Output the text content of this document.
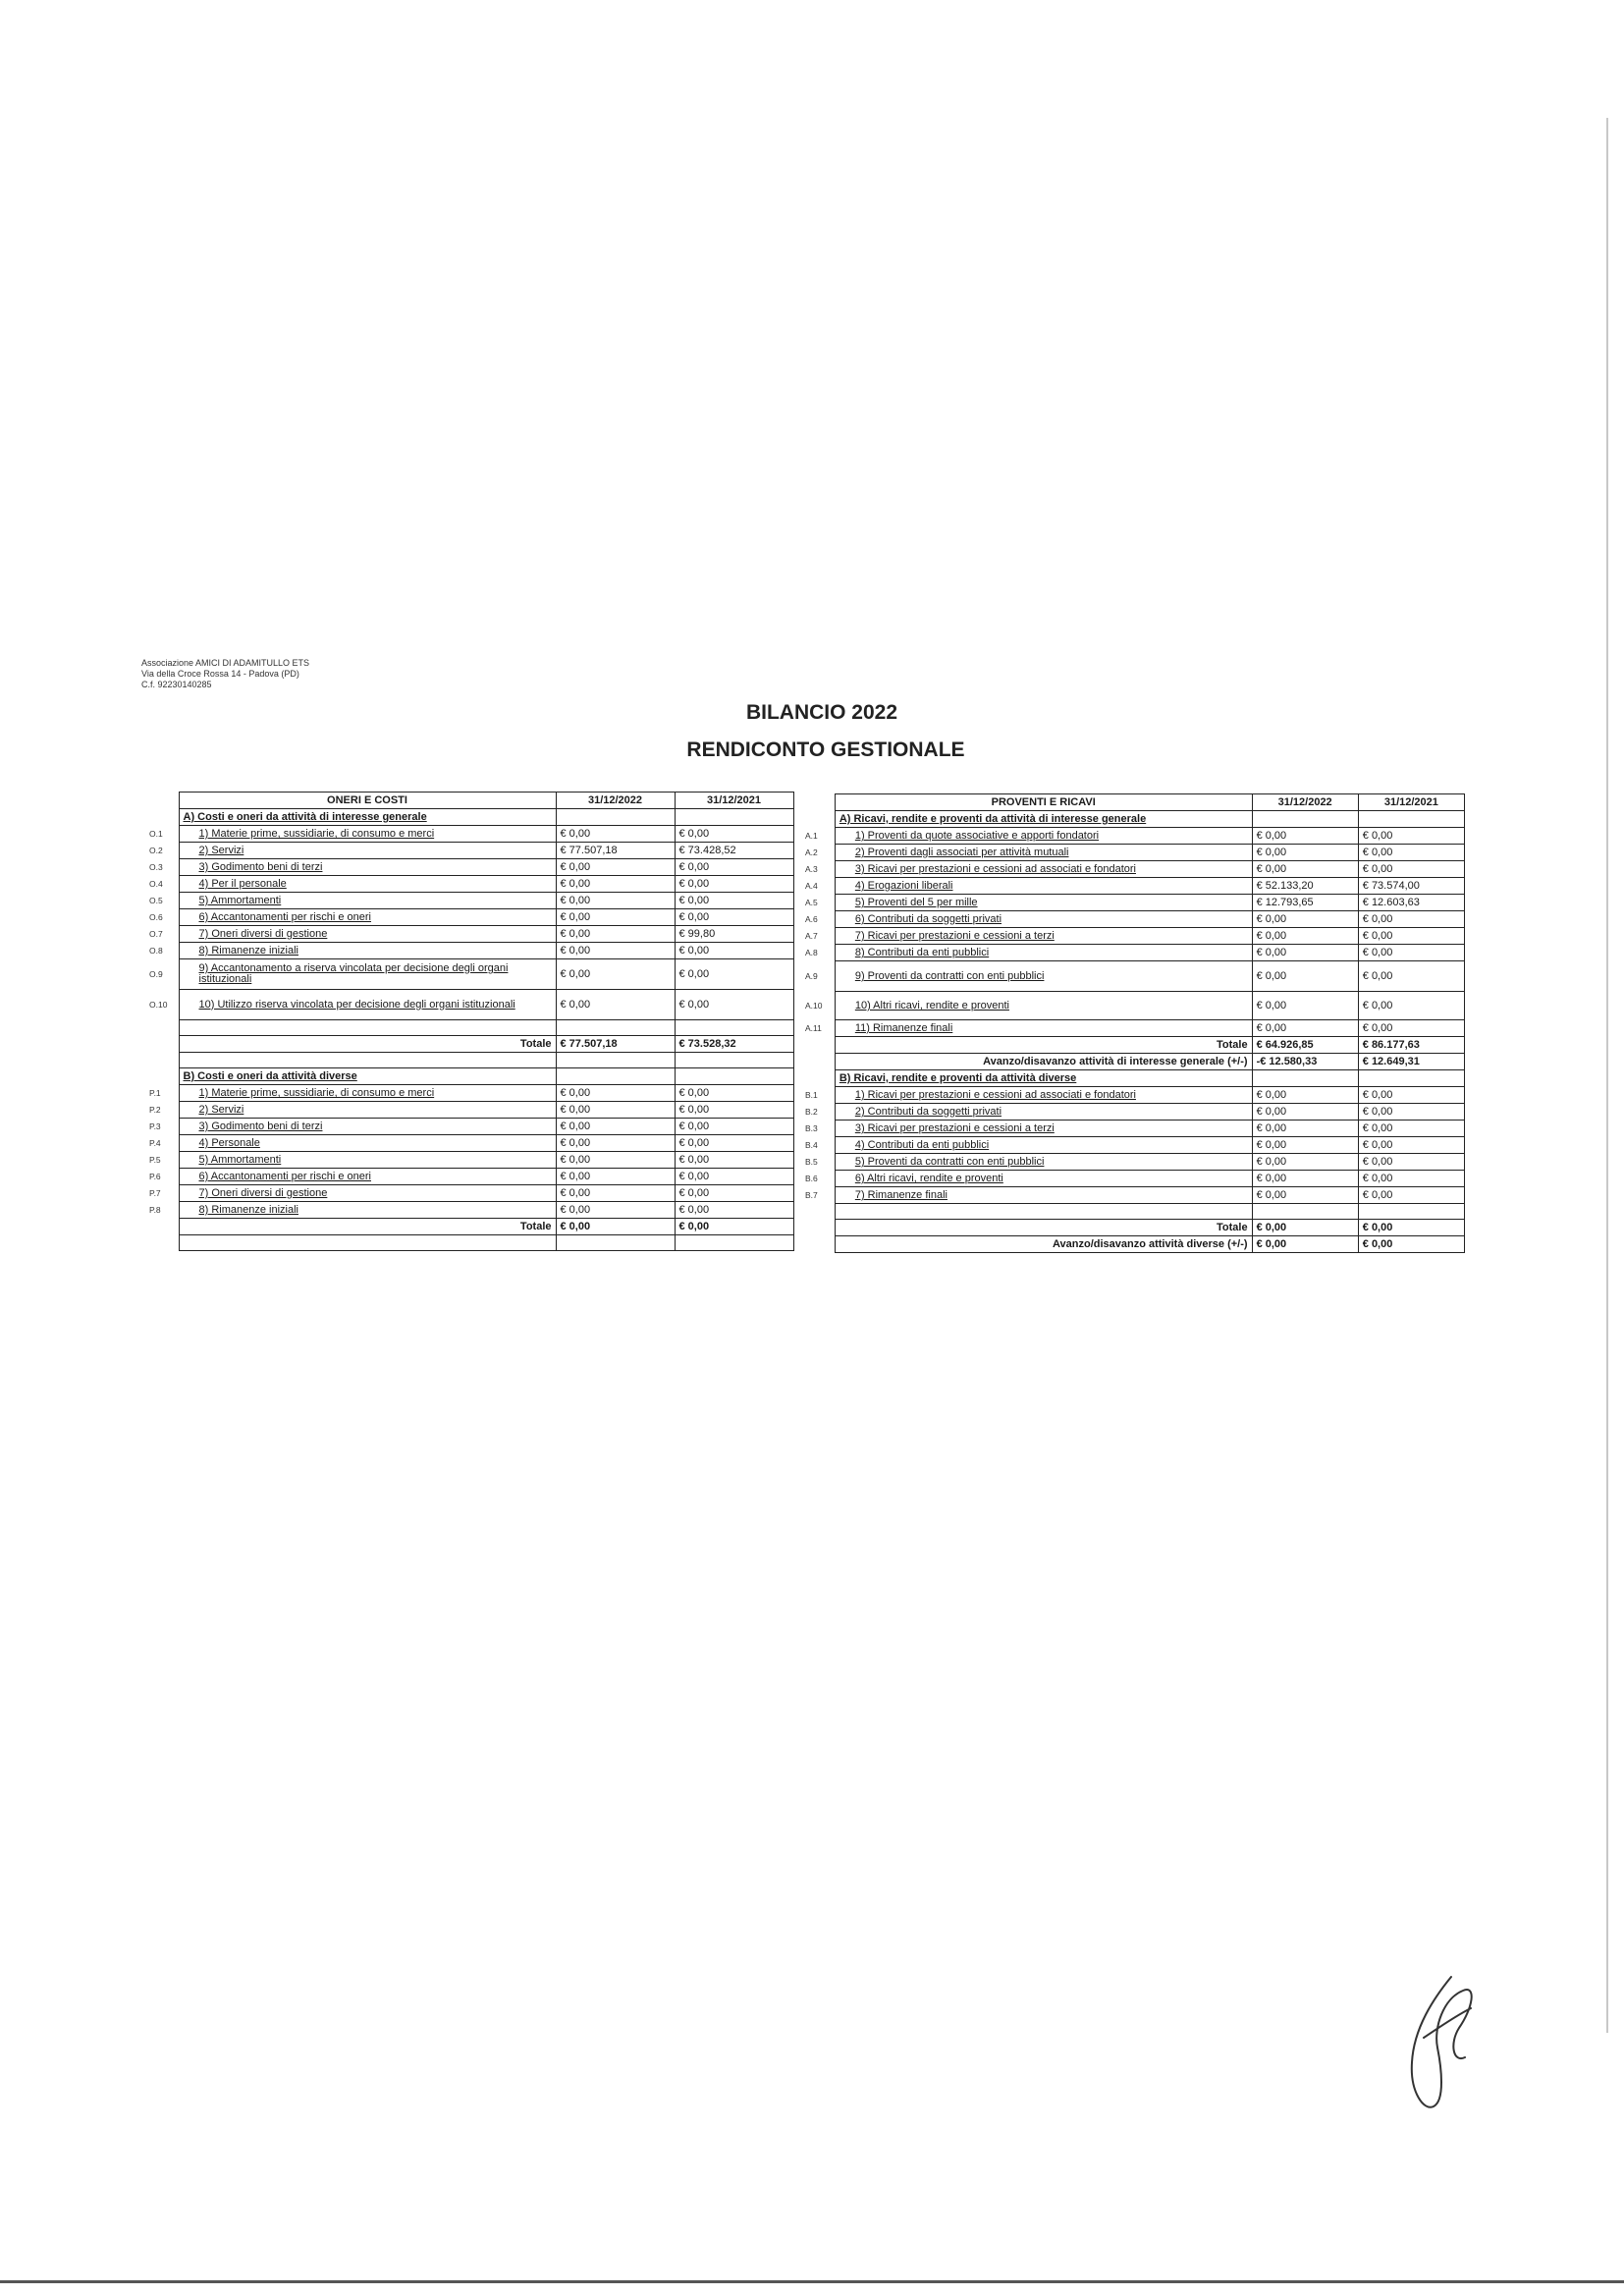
Associazione AMICI DI ADAMITULLO ETS
Via della Croce Rossa 14 - Padova (PD)
C.f. 92230140285
BILANCIO 2022
RENDICONTO GESTIONALE
	ONERI E COSTI	31/12/2022	31/12/2021
	A) Costi e oneri da attività di interesse generale		
O.1	1) Materie prime, sussidiarie, di consumo e merci	€ 0,00	€ 0,00
O.2	2) Servizi	€ 77.507,18	€ 73.428,52
O.3	3) Godimento beni di terzi	€ 0,00	€ 0,00
O.4	4) Per il personale	€ 0,00	€ 0,00
O.5	5) Ammortamenti	€ 0,00	€ 0,00
O.6	6) Accantonamenti per rischi e oneri	€ 0,00	€ 0,00
O.7	7) Oneri diversi di gestione	€ 0,00	€ 99,80
O.8	8) Rimanenze iniziali	€ 0,00	€ 0,00
O.9	9) Accantonamento a riserva vincolata per decisione degli organi istituzionali	€ 0,00	€ 0,00
O.10	10) Utilizzo riserva vincolata per decisione degli organi istituzionali	€ 0,00	€ 0,00

	Totale	€ 77.507,18	€ 73.528,32

	B) Costi e oneri da attività diverse		
P.1	1) Materie prime, sussidiarie, di consumo e merci	€ 0,00	€ 0,00
P.2	2) Servizi	€ 0,00	€ 0,00
P.3	3) Godimento beni di terzi	€ 0,00	€ 0,00
P.4	4) Personale	€ 0,00	€ 0,00
P.5	5) Ammortamenti	€ 0,00	€ 0,00
P.6	6) Accantonamenti per rischi e oneri	€ 0,00	€ 0,00
P.7	7) Oneri diversi di gestione	€ 0,00	€ 0,00
P.8	8) Rimanenze iniziali	€ 0,00	€ 0,00
	Totale	€ 0,00	€ 0,00

	PROVENTI E RICAVI	31/12/2022	31/12/2021
	A) Ricavi, rendite e proventi da attività di interesse generale		
A.1	1) Proventi da quote associative e apporti fondatori	€ 0,00	€ 0,00
A.2	2) Proventi dagli associati per attività mutuali	€ 0,00	€ 0,00
A.3	3) Ricavi per prestazioni e cessioni ad associati e fondatori	€ 0,00	€ 0,00
A.4	4) Erogazioni liberali	€ 52.133,20	€ 73.574,00
A.5	5) Proventi del 5 per mille	€ 12.793,65	€ 12.603,63
A.6	6) Contributi da soggetti privati	€ 0,00	€ 0,00
A.7	7) Ricavi per prestazioni e cessioni a terzi	€ 0,00	€ 0,00
A.8	8) Contributi da enti pubblici	€ 0,00	€ 0,00
A.9	9) Proventi da contratti con enti pubblici	€ 0,00	€ 0,00
A.10	10) Altri ricavi, rendite e proventi	€ 0,00	€ 0,00
A.11	11) Rimanenze finali	€ 0,00	€ 0,00
	Totale	€ 64.926,85	€ 86.177,63
	Avanzo/disavanzo attività di interesse generale (+/-)	-€ 12.580,33	€ 12.649,31
	B) Ricavi, rendite e proventi da attività diverse		
B.1	1) Ricavi per prestazioni e cessioni ad associati e fondatori	€ 0,00	€ 0,00
B.2	2) Contributi da soggetti privati	€ 0,00	€ 0,00
B.3	3) Ricavi per prestazioni e cessioni a terzi	€ 0,00	€ 0,00
B.4	4) Contributi da enti pubblici	€ 0,00	€ 0,00
B.5	5) Proventi da contratti con enti pubblici	€ 0,00	€ 0,00
B.6	6) Altri ricavi, rendite e proventi	€ 0,00	€ 0,00
B.7	7) Rimanenze finali	€ 0,00	€ 0,00

	Totale	€ 0,00	€ 0,00
	Avanzo/disavanzo attività diverse (+/-)	€ 0,00	€ 0,00
